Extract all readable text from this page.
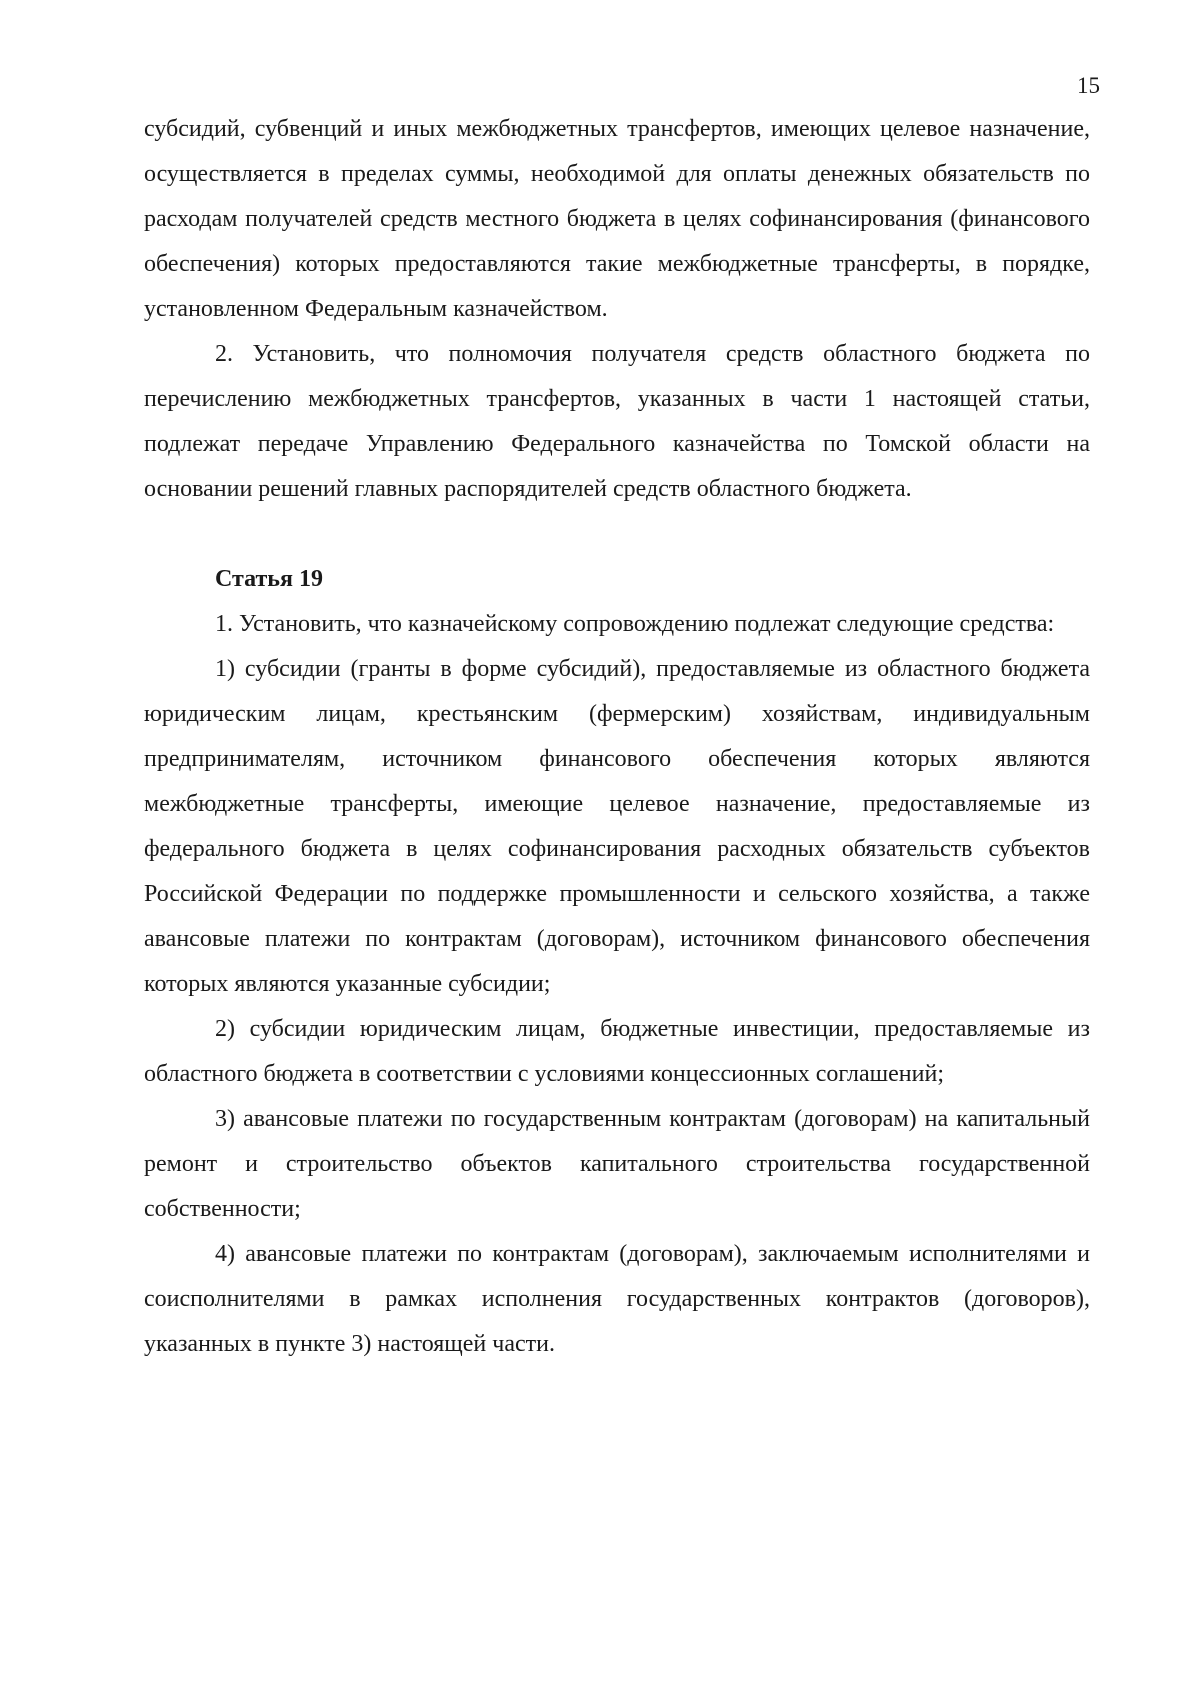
15

субсидий, субвенций и иных межбюджетных трансфертов, имеющих целевое назначение, осуществляется в пределах суммы, необходимой для оплаты денежных обязательств по расходам получателей средств местного бюджета в целях софинансирования (финансового обеспечения) которых предоставляются такие межбюджетные трансферты, в порядке, установленном Федеральным казначейством.

2. Установить, что полномочия получателя средств областного бюджета по перечислению межбюджетных трансфертов, указанных в части 1 настоящей статьи, подлежат передаче Управлению Федерального казначейства по Томской области на основании решений главных распорядителей средств областного бюджета.

Статья 19

1. Установить, что казначейскому сопровождению подлежат следующие средства:

1) субсидии (гранты в форме субсидий), предоставляемые из областного бюджета юридическим лицам, крестьянским (фермерским) хозяйствам, индивидуальным предпринимателям, источником финансового обеспечения которых являются межбюджетные трансферты, имеющие целевое назначение, предоставляемые из федерального бюджета в целях софинансирования расходных обязательств субъектов Российской Федерации по поддержке промышленности и сельского хозяйства, а также авансовые платежи по контрактам (договорам), источником финансового обеспечения которых являются указанные субсидии;

2) субсидии юридическим лицам, бюджетные инвестиции, предоставляемые из областного бюджета в соответствии с условиями концессионных соглашений;

3) авансовые платежи по государственным контрактам (договорам) на капитальный ремонт и строительство объектов капитального строительства государственной собственности;

4) авансовые платежи по контрактам (договорам), заключаемым исполнителями и соисполнителями в рамках исполнения государственных контрактов (договоров), указанных в пункте 3) настоящей части.
